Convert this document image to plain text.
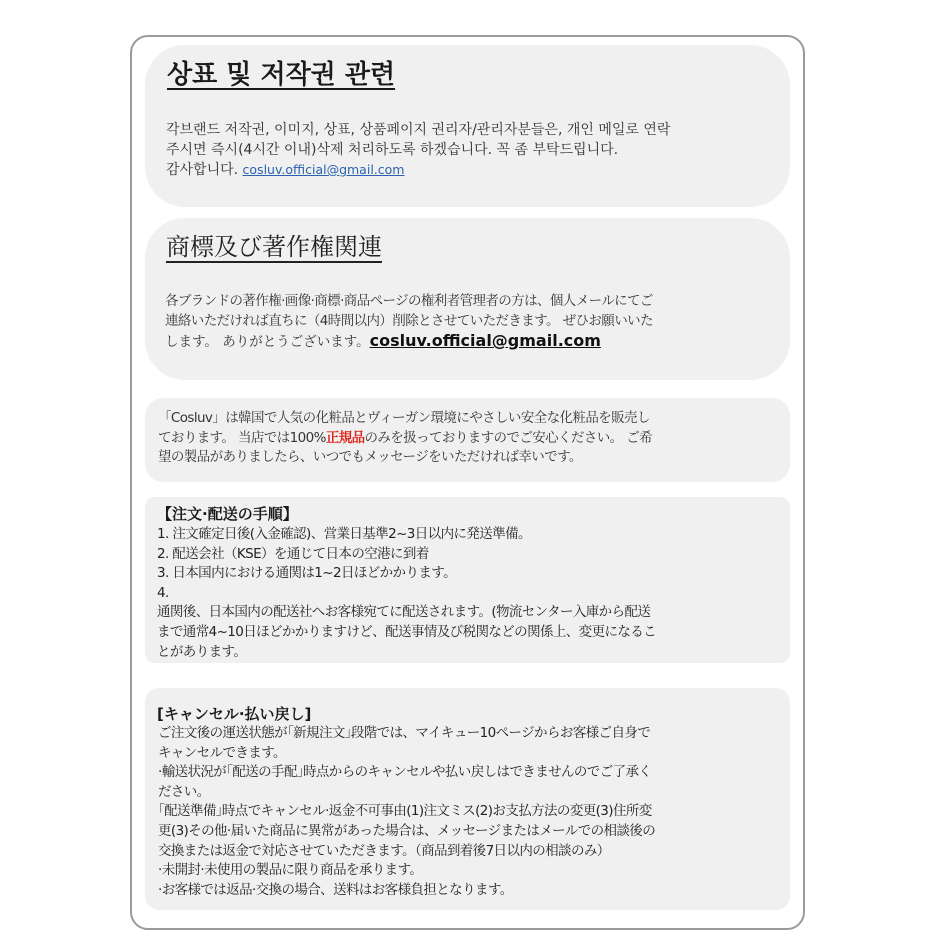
상표 및 저작권 관련
각브랜드 저작권, 이미지, 상표, 상품페이지 권리자/관리자분들은, 개인 메일로 연락
주시면 즉시(4시간 이내)삭제 처리하도록 하겠습니다. 꼭 좀 부탁드립니다.
감사합니다. cosluv.official@gmail.com
商標及び著作権関連
各ブランドの著作権·画像·商標·商品ページの権利者管理者の方は、個人メールにてご
連絡いただければ直ちに（4時間以内）削除とさせていただきます。 ぜひお願いいた
します。 ありがとうございます。cosluv.official@gmail.com
「Cosluv」は韓国で人気の化粧品とヴィーガン環境にやさしい安全な化粧品を販売し
ております。 当店では100%正規品のみを扱っておりますのでご安心ください。 ご希
望の製品がありましたら、いつでもメッセージをいただければ幸いです。
【注文·配送の手順】
1. 注文確定日後(入金確認)、営業日基準2~3日以内に発送準備。
2. 配送会社（KSE）を通じて日本の空港に到着
3. 日本国内における通関は1~2日ほどかかります。
4.
通関後、日本国内の配送社へお客様宛てに配送されます。(物流センター入庫から配送
まで通常4~10日ほどかかりますけど、配送事情及び税関などの関係上、変更になるこ
とがあります。
[キャンセル·払い戻し]
ご注文後の運送状態が｢新規注文｣段階では、マイキュー10ページからお客様ご自身で
キャンセルできます。
·輸送状況が｢配送の手配｣時点からのキャンセルや払い戻しはできませんのでご了承く
ださい。
｢配送準備｣時点でキャンセル·返金不可事由(1)注文ミス(2)お支払方法の変更(3)住所変
更(3)その他·届いた商品に異常があった場合は、メッセージまたはメールでの相談後の
交換または返金で対応させていただきます。（商品到着後7日以内の相談のみ）
·未開封·未使用の製品に限り商品を承ります。
·お客様では返品·交換の場合、送料はお客様負担となります。
